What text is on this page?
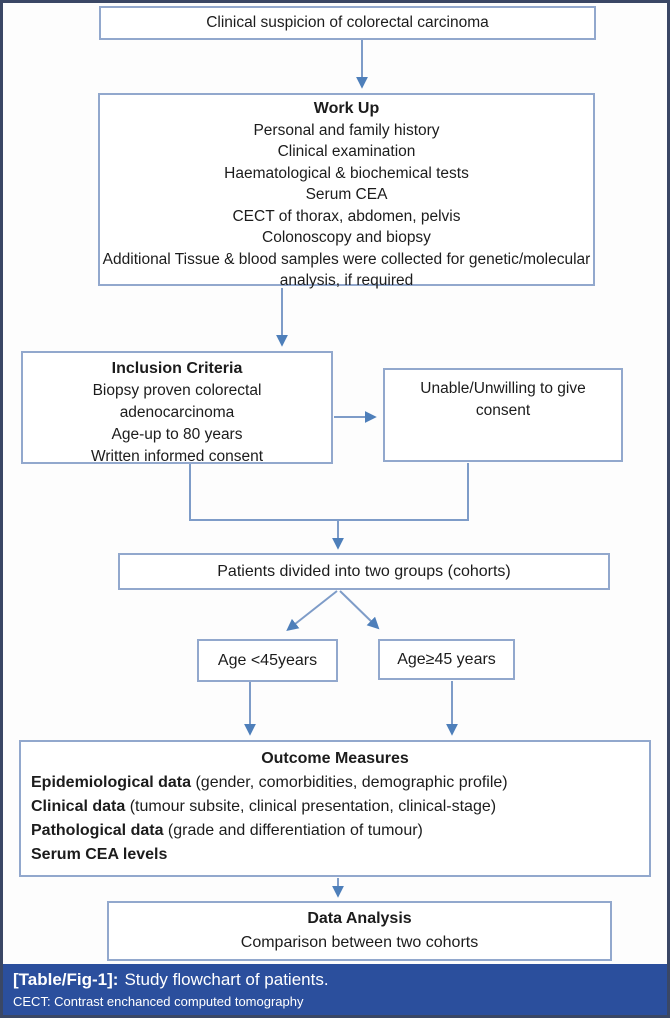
Clinical suspicion of colorectal carcinoma
Work Up
Personal and family history
Clinical examination
Haematological & biochemical tests
Serum CEA
CECT of thorax, abdomen, pelvis
Colonoscopy and biopsy
Additional Tissue & blood samples were collected for genetic/molecular analysis, if required
Inclusion Criteria
Biopsy proven colorectal adenocarcinoma
Age-up to 80 years
Written informed consent
Unable/Unwilling to give consent
Patients divided into two groups (cohorts)
Age <45years	Age≥45 years
Outcome Measures
Epidemiological data (gender, comorbidities, demographic profile)
Clinical data (tumour subsite, clinical presentation, clinical-stage)
Pathological data (grade and differentiation of tumour)
Serum CEA levels
Data Analysis
Comparison between two cohorts
[Table/Fig-1]: Study flowchart of patients.
CECT: Contrast enchanced computed tomography
